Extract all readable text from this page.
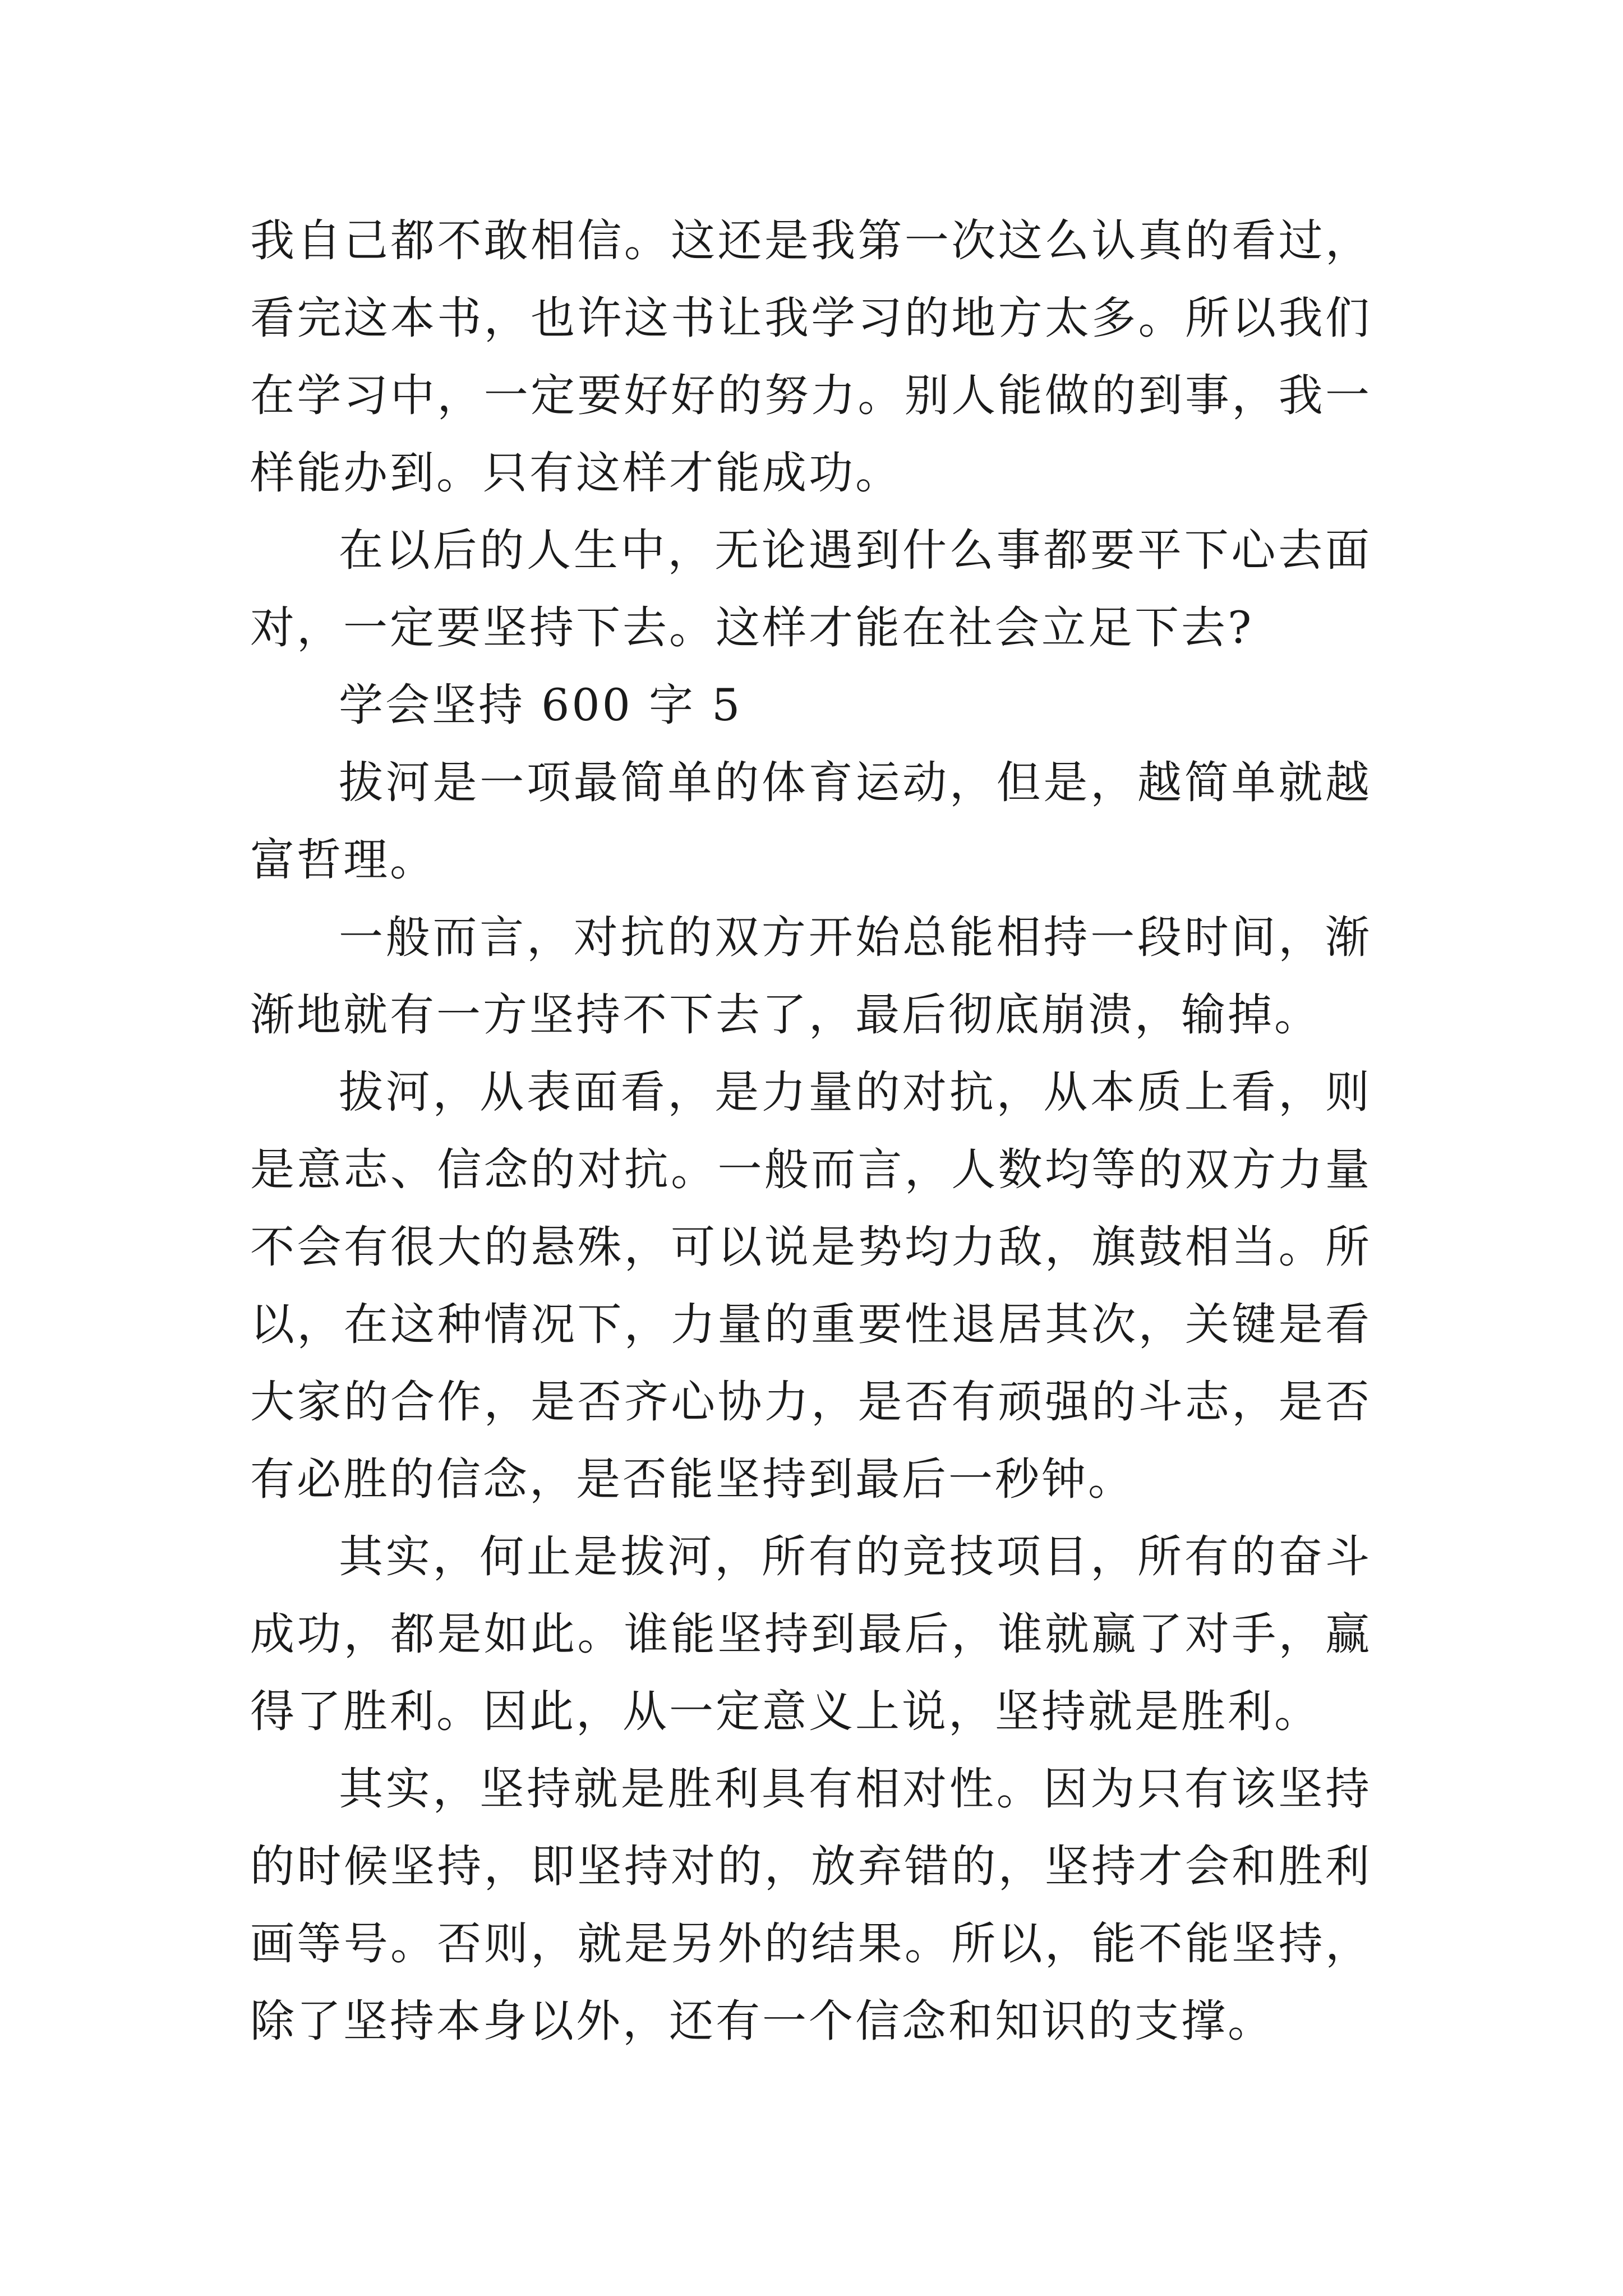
我自己都不敢相信。这还是我第一次这么认真的看过，看完这本书，也许这书让我学习的地方太多。所以我们在学习中，一定要好好的努力。别人能做的到事，我一样能办到。只有这样才能成功。

在以后的人生中，无论遇到什么事都要平下心去面对，一定要坚持下去。这样才能在社会立足下去?

学会坚持 600 字 5

拔河是一项最简单的体育运动，但是，越简单就越富哲理。

一般而言，对抗的双方开始总能相持一段时间，渐渐地就有一方坚持不下去了，最后彻底崩溃，输掉。

拔河，从表面看，是力量的对抗，从本质上看，则是意志、信念的对抗。一般而言，人数均等的双方力量不会有很大的悬殊，可以说是势均力敌，旗鼓相当。所以，在这种情况下，力量的重要性退居其次，关键是看大家的合作，是否齐心协力，是否有顽强的斗志，是否有必胜的信念，是否能坚持到最后一秒钟。

其实，何止是拔河，所有的竞技项目，所有的奋斗成功，都是如此。谁能坚持到最后，谁就赢了对手，赢得了胜利。因此，从一定意义上说，坚持就是胜利。

其实，坚持就是胜利具有相对性。因为只有该坚持的时候坚持，即坚持对的，放弃错的，坚持才会和胜利画等号。否则，就是另外的结果。所以，能不能坚持，除了坚持本身以外，还有一个信念和知识的支撑。
